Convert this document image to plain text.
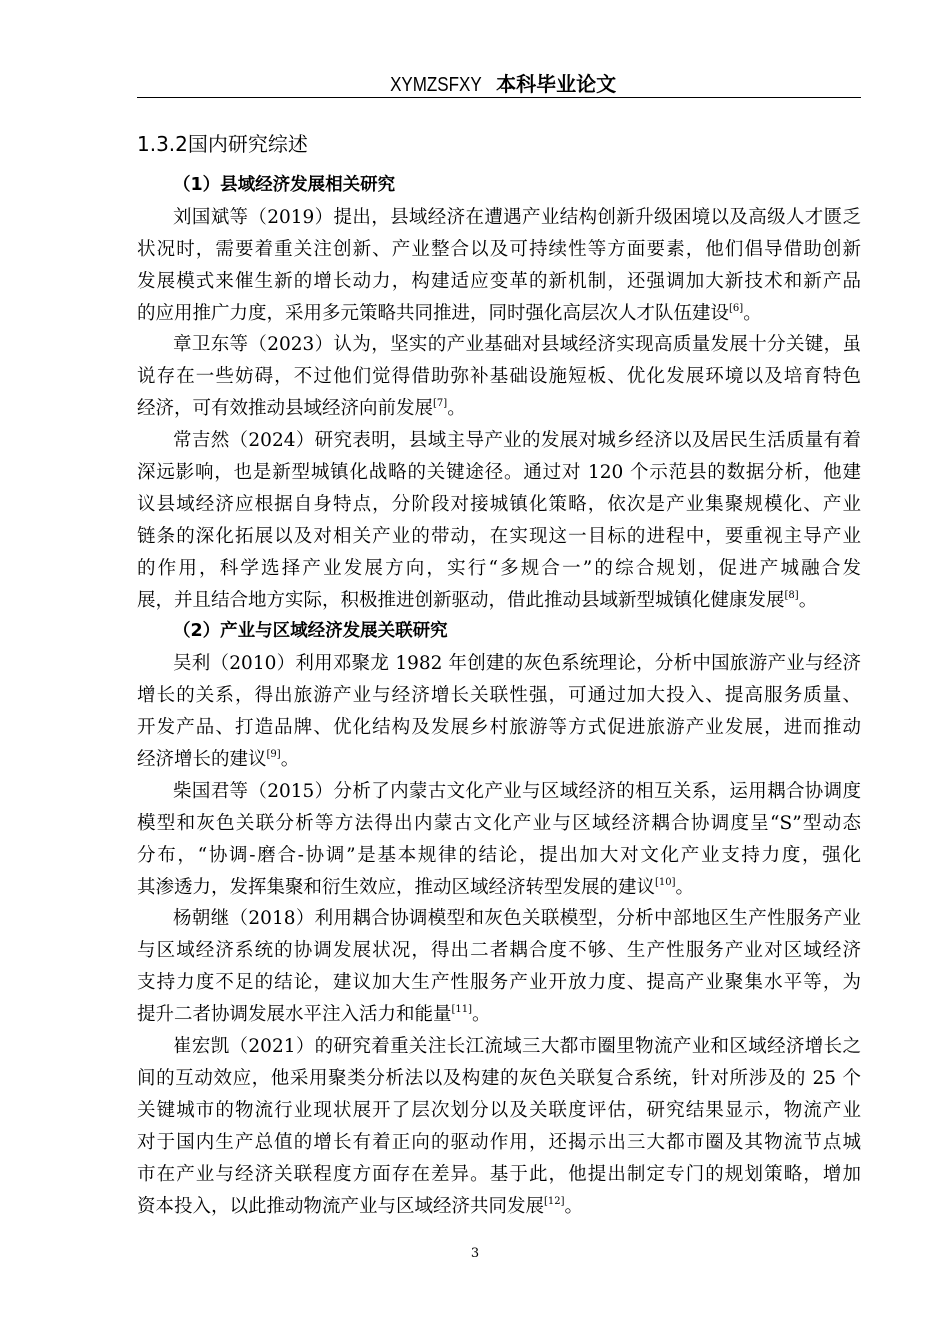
XYMZSFXY 本科毕业论文
1.3.2国内研究综述
（1）县域经济发展相关研究
刘国斌等（2019）提出，县域经济在遭遇产业结构创新升级困境以及高级人才匮乏
状况时，需要着重关注创新、产业整合以及可持续性等方面要素，他们倡导借助创新
发展模式来催生新的增长动力，构建适应变革的新机制，还强调加大新技术和新产品
的应用推广力度，采用多元策略共同推进，同时强化高层次人才队伍建设[6]。
章卫东等（2023）认为，坚实的产业基础对县域经济实现高质量发展十分关键，虽
说存在一些妨碍，不过他们觉得借助弥补基础设施短板、优化发展环境以及培育特色
经济，可有效推动县域经济向前发展[7]。
常吉然（2024）研究表明，县域主导产业的发展对城乡经济以及居民生活质量有着
深远影响，也是新型城镇化战略的关键途径。通过对 120 个示范县的数据分析，他建
议县域经济应根据自身特点，分阶段对接城镇化策略，依次是产业集聚规模化、产业
链条的深化拓展以及对相关产业的带动，在实现这一目标的进程中，要重视主导产业
的作用，科学选择产业发展方向，实行“多规合一”的综合规划，促进产城融合发
展，并且结合地方实际，积极推进创新驱动，借此推动县域新型城镇化健康发展[8]。
（2）产业与区域经济发展关联研究
吴利（2010）利用邓聚龙 1982 年创建的灰色系统理论，分析中国旅游产业与经济
增长的关系，得出旅游产业与经济增长关联性强，可通过加大投入、提高服务质量、
开发产品、打造品牌、优化结构及发展乡村旅游等方式促进旅游产业发展，进而推动
经济增长的建议[9]。
柴国君等（2015）分析了内蒙古文化产业与区域经济的相互关系，运用耦合协调度
模型和灰色关联分析等方法得出内蒙古文化产业与区域经济耦合协调度呈“S”型动态
分布，“协调-磨合-协调”是基本规律的结论，提出加大对文化产业支持力度，强化
其渗透力，发挥集聚和衍生效应，推动区域经济转型发展的建议[10]。
杨朝继（2018）利用耦合协调模型和灰色关联模型，分析中部地区生产性服务产业
与区域经济系统的协调发展状况，得出二者耦合度不够、生产性服务产业对区域经济
支持力度不足的结论，建议加大生产性服务产业开放力度、提高产业聚集水平等，为
提升二者协调发展水平注入活力和能量[11]。
崔宏凯（2021）的研究着重关注长江流域三大都市圈里物流产业和区域经济增长之
间的互动效应，他采用聚类分析法以及构建的灰色关联复合系统，针对所涉及的 25 个
关键城市的物流行业现状展开了层次划分以及关联度评估，研究结果显示，物流产业
对于国内生产总值的增长有着正向的驱动作用，还揭示出三大都市圈及其物流节点城
市在产业与经济关联程度方面存在差异。基于此，他提出制定专门的规划策略，增加
资本投入，以此推动物流产业与区域经济共同发展[12]。
3
